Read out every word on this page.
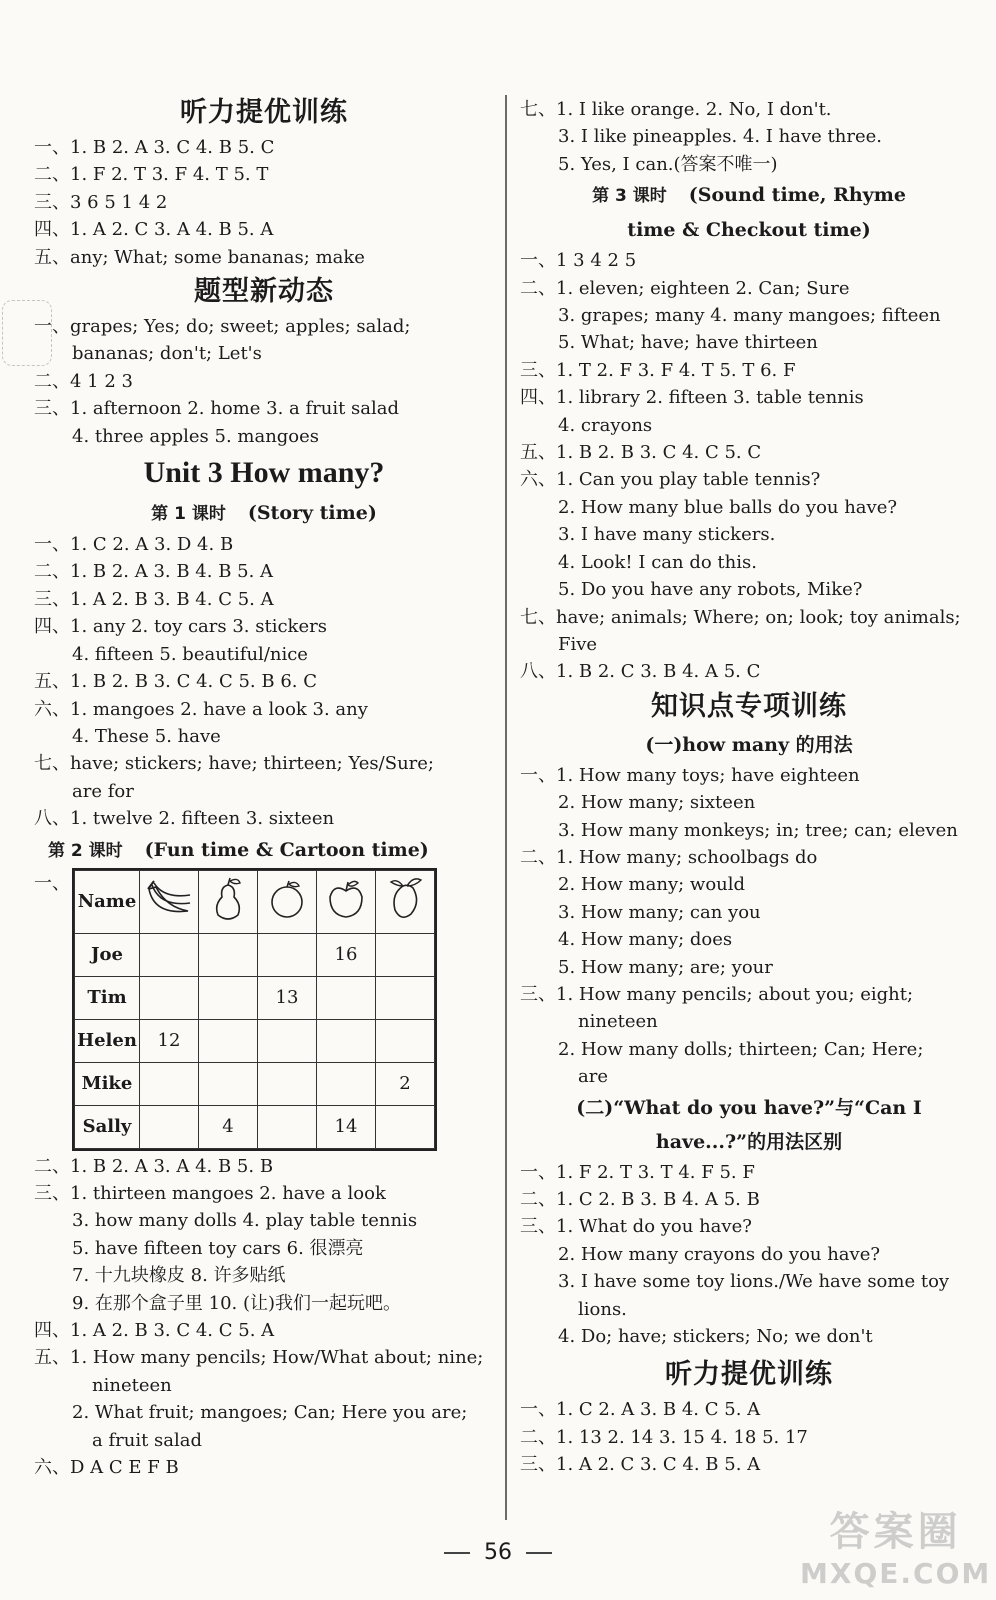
听力提优训练
一、1. B 2. A 3. C 4. B 5. C
二、1. F 2. T 3. F 4. T 5. T
三、3 6 5 1 4 2
四、1. A 2. C 3. A 4. B 5. A
五、any; What; some bananas; make
题型新动态
一、grapes; Yes; do; sweet; apples; salad;
bananas; don't; Let's
二、4 1 2 3
三、1. afternoon 2. home 3. a fruit salad
4. three apples 5. mangoes
Unit 3 How many?
第 1 课时 (Story time)
一、1. C 2. A 3. D 4. B
二、1. B 2. A 3. B 4. B 5. A
三、1. A 2. B 3. B 4. C 5. A
四、1. any 2. toy cars 3. stickers
4. fifteen 5. beautiful/nice
五、1. B 2. B 3. C 4. C 5. B 6. C
六、1. mangoes 2. have a look 3. any
4. These 5. have
七、have; stickers; have; thirteen; Yes/Sure;
are for
八、1. twelve 2. fifteen 3. sixteen
第 2 课时 (Fun time & Cartoon time)
一、
Name					
Joe				16	
Tim			13		
Helen	12				
Mike					2
Sally		4		14	
二、1. B 2. A 3. A 4. B 5. B
三、1. thirteen mangoes 2. have a look
3. how many dolls 4. play table tennis
5. have fifteen toy cars 6. 很漂亮
7. 十九块橡皮 8. 许多贴纸
9. 在那个盒子里 10. (让)我们一起玩吧。
四、1. A 2. B 3. C 4. C 5. A
五、1. How many pencils; How/What about; nine;
nineteen
2. What fruit; mangoes; Can; Here you are;
a fruit salad
六、D A C E F B
七、1. I like orange. 2. No, I don't.
3. I like pineapples. 4. I have three.
5. Yes, I can.(答案不唯一)
第 3 课时 (Sound time, Rhyme
time & Checkout time)
一、1 3 4 2 5
二、1. eleven; eighteen 2. Can; Sure
3. grapes; many 4. many mangoes; fifteen
5. What; have; have thirteen
三、1. T 2. F 3. F 4. T 5. T 6. F
四、1. library 2. fifteen 3. table tennis
4. crayons
五、1. B 2. B 3. C 4. C 5. C
六、1. Can you play table tennis?
2. How many blue balls do you have?
3. I have many stickers.
4. Look! I can do this.
5. Do you have any robots, Mike?
七、have; animals; Where; on; look; toy animals;
Five
八、1. B 2. C 3. B 4. A 5. C
知识点专项训练
(一)how many 的用法
一、1. How many toys; have eighteen
2. How many; sixteen
3. How many monkeys; in; tree; can; eleven
二、1. How many; schoolbags do
2. How many; would
3. How many; can you
4. How many; does
5. How many; are; your
三、1. How many pencils; about you; eight;
nineteen
2. How many dolls; thirteen; Can; Here;
are
(二)“What do you have?”与“Can I
have...?”的用法区别
一、1. F 2. T 3. T 4. F 5. F
二、1. C 2. B 3. B 4. A 5. B
三、1. What do you have?
2. How many crayons do you have?
3. I have some toy lions./We have some toy
lions.
4. Do; have; stickers; No; we don't
听力提优训练
一、1. C 2. A 3. B 4. C 5. A
二、1. 13 2. 14 3. 15 4. 18 5. 17
三、1. A 2. C 3. C 4. B 5. A
56	答案圈
MXQE.COM
